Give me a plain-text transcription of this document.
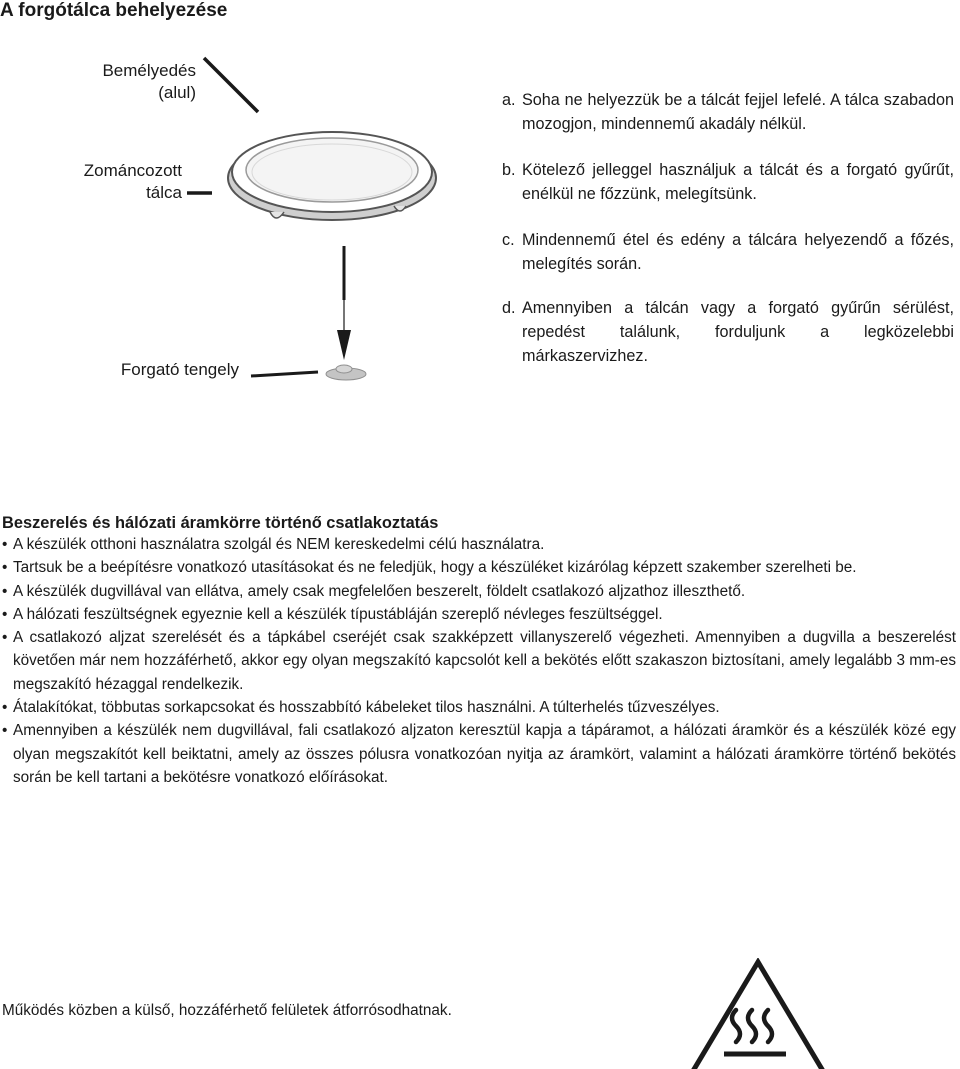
A forgótálca behelyezése
Bemélyedés
(alul)
Zománcozott
tálca
Forgató tengely
a. Soha ne helyezzük be a tálcát fejjel lefelé. A tálca szabadon mozogjon, mindennemű akadály nélkül.
b. Kötelező jelleggel használjuk a tálcát és a forgató gyűrűt, enélkül ne főzzünk, melegítsünk.
c. Mindennemű étel és edény a tálcára helyezendő a főzés, melegítés során.
d. Amennyiben a tálcán vagy a forgató gyűrűn sérülést, repedést találunk, forduljunk a legközelebbi márkaszervizhez.
Beszerelés és hálózati áramkörre történő csatlakoztatás
• A készülék otthoni használatra szolgál és NEM kereskedelmi célú használatra.
• Tartsuk be a beépítésre vonatkozó utasításokat és ne feledjük, hogy a készüléket kizárólag képzett szakember szerelheti be.
• A készülék dugvillával van ellátva, amely csak megfelelően beszerelt, földelt csatlakozó aljzathoz illeszthető.
• A hálózati feszültségnek egyeznie kell a készülék típustábláján szereplő névleges feszültséggel.
• A csatlakozó aljzat szerelését és a tápkábel cseréjét csak szakképzett villanyszerelő végezheti. Amennyiben a dugvilla a beszerelést követően már nem hozzáférhető, akkor egy olyan megszakító kapcsolót kell a bekötés előtt szakaszon biztosítani, amely legalább 3 mm-es megszakító hézaggal rendelkezik.
• Átalakítókat, többutas sorkapcsokat és hosszabbító kábeleket tilos használni. A túlterhelés tűzveszélyes.
• Amennyiben a készülék nem dugvillával, fali csatlakozó aljzaton keresztül kapja a tápáramot, a hálózati áramkör és a készülék közé egy olyan megszakítót kell beiktatni, amely az összes pólusra vonatkozóan nyitja az áramkört, valamint a hálózati áramkörre történő bekötés során be kell tartani a bekötésre vonatkozó előírásokat.
Működés közben a külső, hozzáférhető felületek átforrósodhatnak.
